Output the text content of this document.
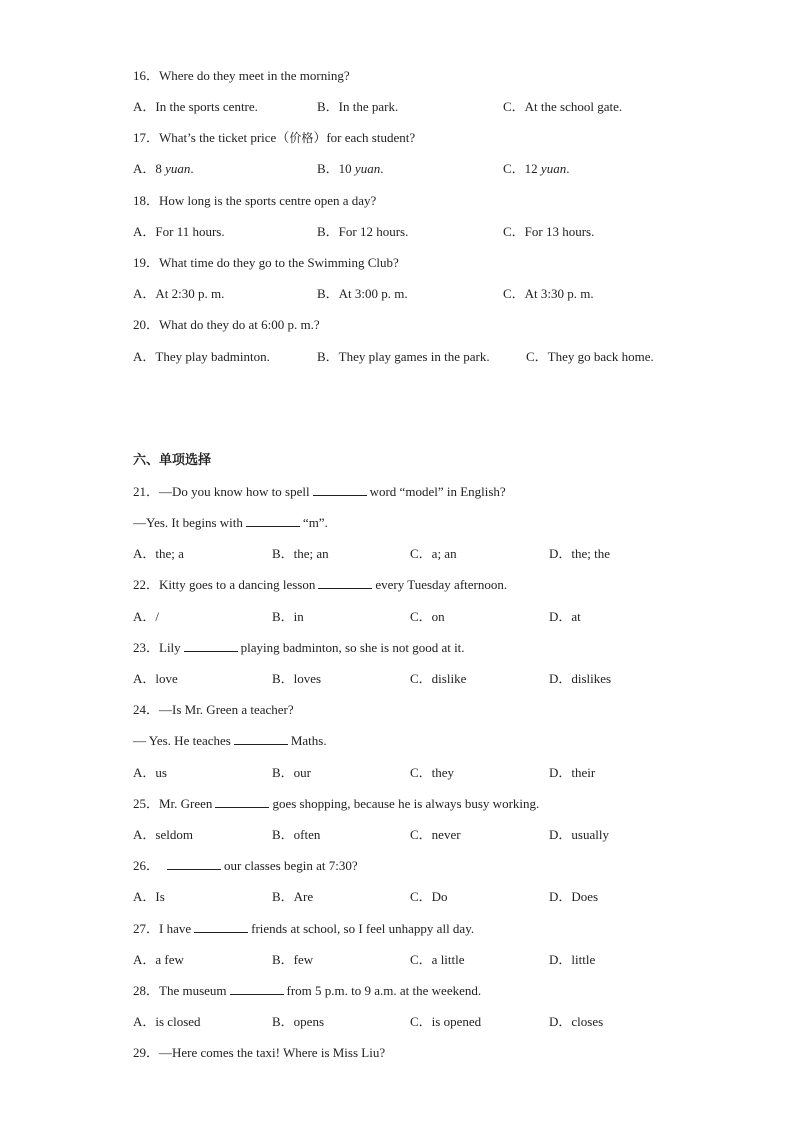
16．Where do they meet in the morning?
A．In the sports centre.	B．In the park.	C．At the school gate.
17．What’s the ticket price（价格）for each student?
A．8 yuan.	B．10 yuan.	C．12 yuan.
18．How long is the sports centre open a day?
A．For 11 hours.	B．For 12 hours.	C．For 13 hours.
19．What time do they go to the Swimming Club?
A．At 2:30 p. m.	B．At 3:00 p. m.	C．At 3:30 p. m.
20．What do they do at 6:00 p. m.?
A．They play badminton.	B．They play games in the park.	C．They go back home.
六、单项选择
21．—Do you know how to spell	word “model” in English?
—Yes. It begins with	“m”.
A．the; a	B．the; an	C．a; an	D．the; the
22．Kitty goes to a dancing lesson	every Tuesday afternoon.
A．/	B．in	C．on	D．at
23．Lily	playing badminton, so she is not good at it.
A．love	B．loves	C．dislike	D．dislikes
24．—Is Mr. Green a teacher?
— Yes. He teaches	Maths.
A．us	B．our	C．they	D．their
25．Mr. Green	goes shopping, because he is always busy working.
A．seldom	B．often	C．never	D．usually
26．	our classes begin at 7:30?
A．Is	B．Are	C．Do	D．Does
27．I have	friends at school, so I feel unhappy all day.
A．a few	B．few	C．a little	D．little
28．The museum	from 5 p.m. to 9 a.m. at the weekend.
A．is closed	B．opens	C．is opened	D．closes
29．—Here comes the taxi! Where is Miss Liu?
